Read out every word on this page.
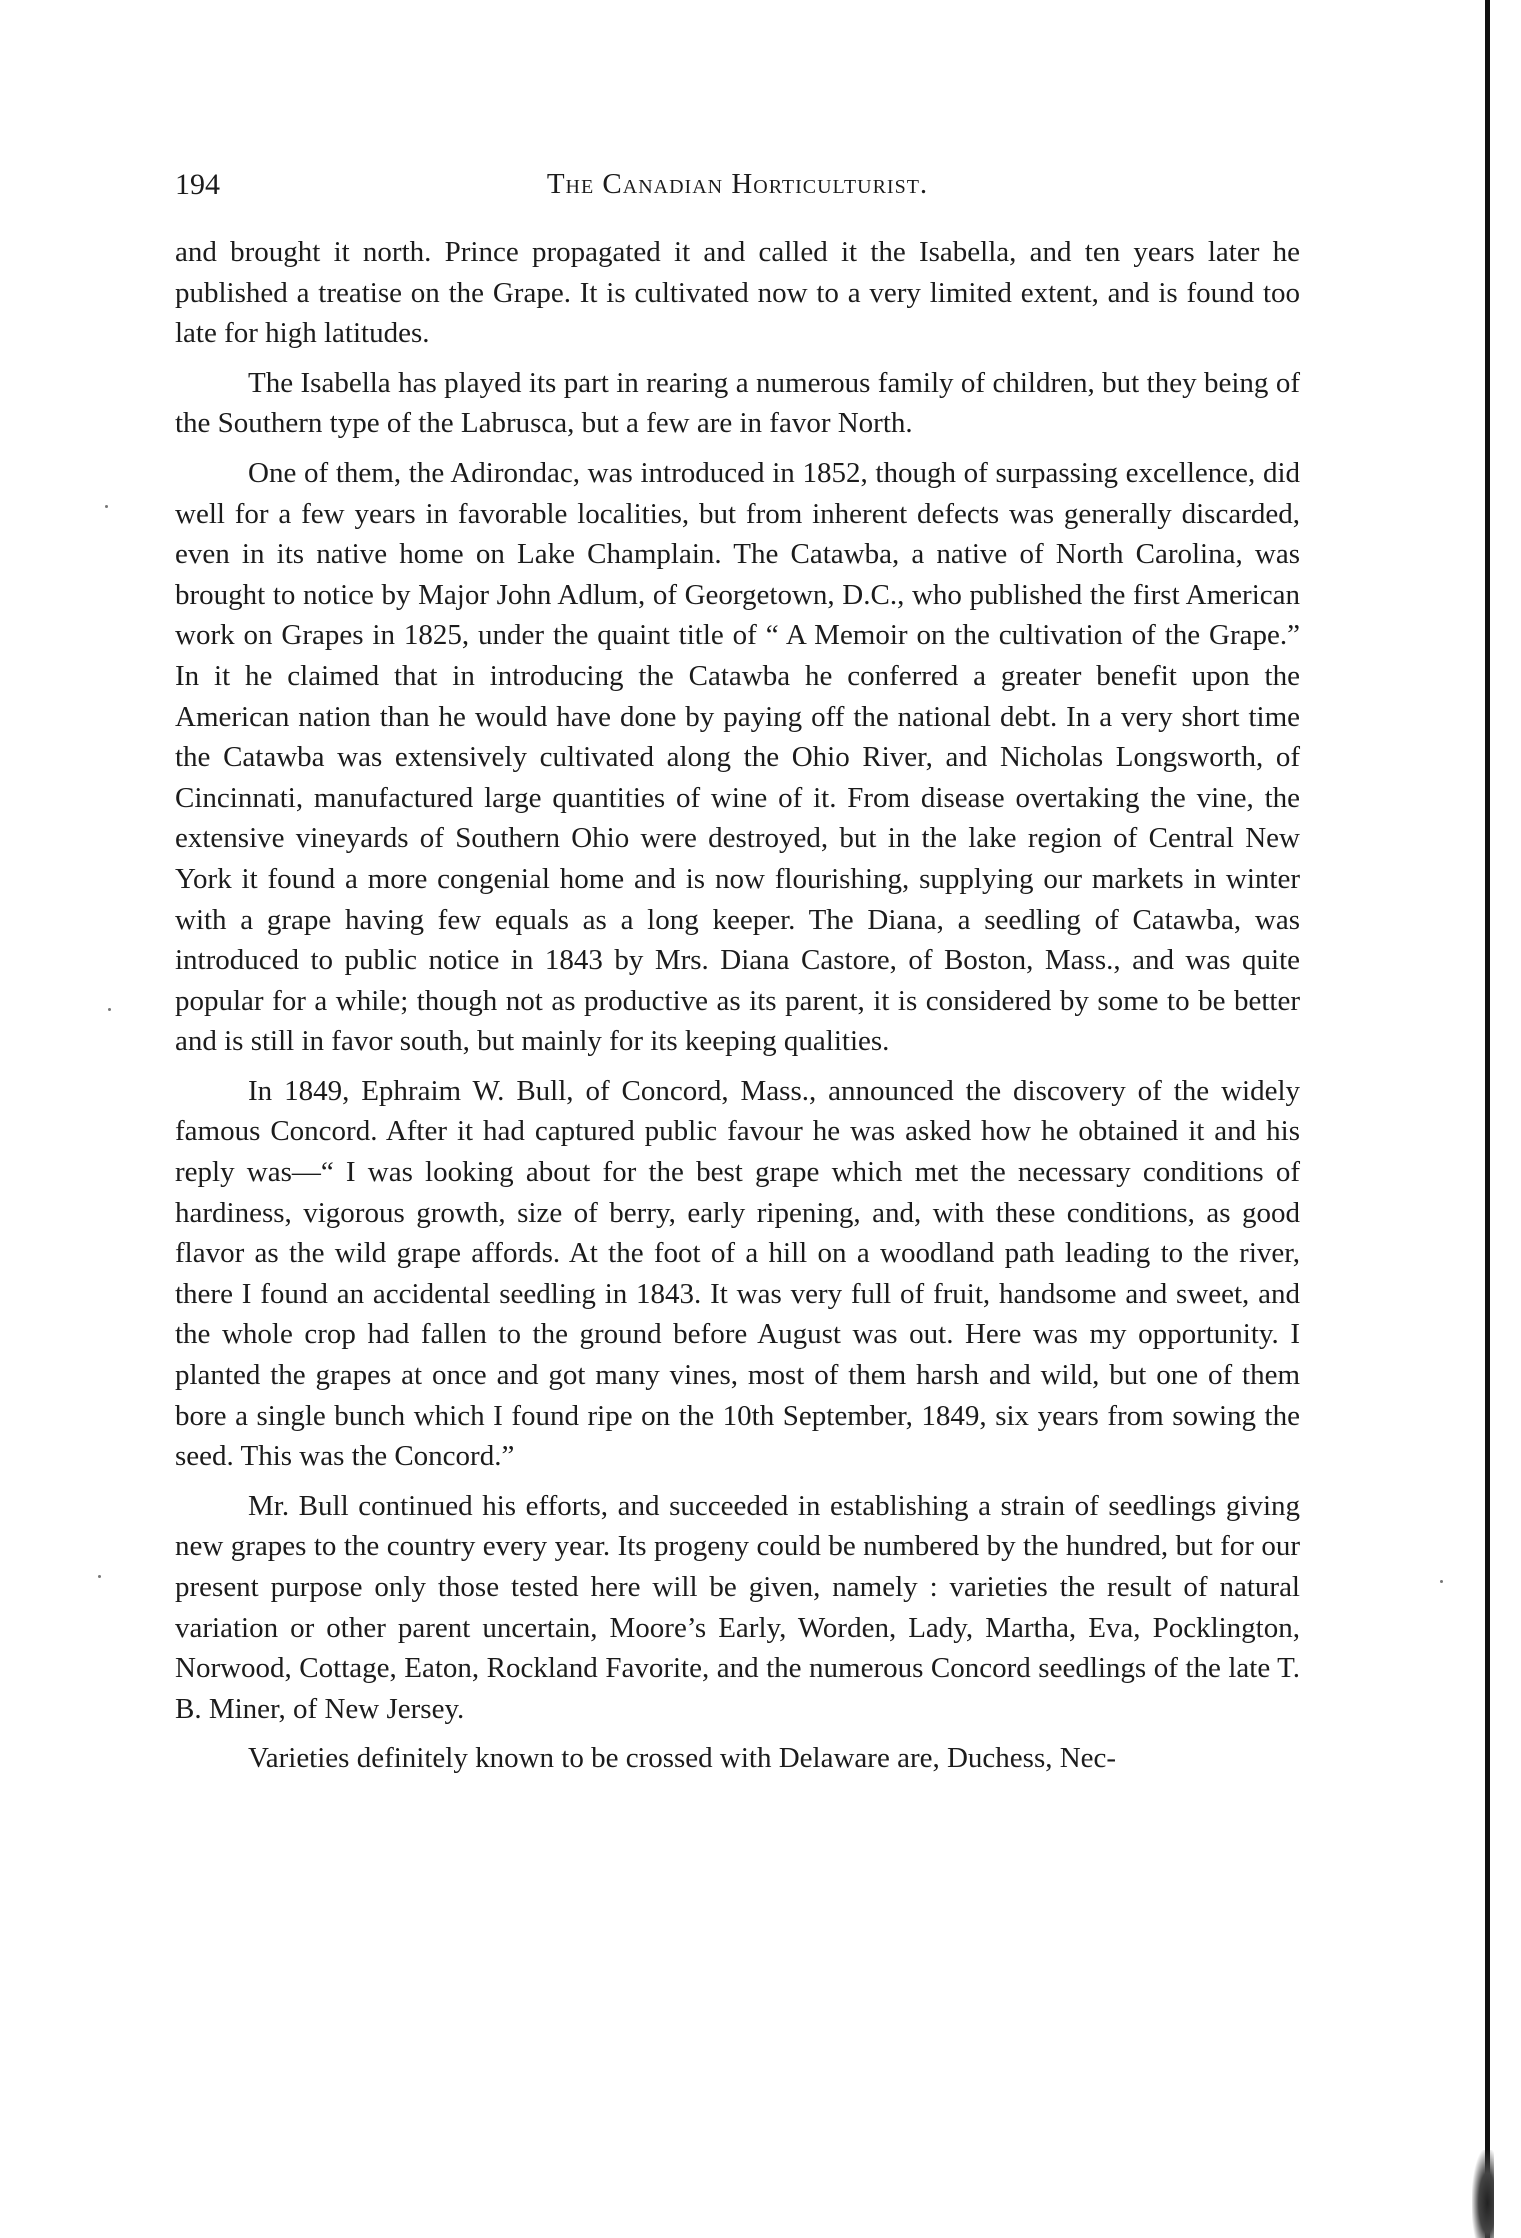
194	The Canadian Horticulturist.

and brought it north. Prince propagated it and called it the Isabella, and ten years later he published a treatise on the Grape. It is cultivated now to a very limited extent, and is found too late for high latitudes.

The Isabella has played its part in rearing a numerous family of children, but they being of the Southern type of the Labrusca, but a few are in favor North.

One of them, the Adirondac, was introduced in 1852, though of surpassing excellence, did well for a few years in favorable localities, but from inherent defects was generally discarded, even in its native home on Lake Champlain. The Catawba, a native of North Carolina, was brought to notice by Major John Adlum, of Georgetown, D.C., who published the first American work on Grapes in 1825, under the quaint title of “ A Memoir on the cultivation of the Grape.” In it he claimed that in introducing the Catawba he conferred a greater benefit upon the American nation than he would have done by paying off the national debt. In a very short time the Catawba was extensively cultivated along the Ohio River, and Nicholas Longsworth, of Cincinnati, manufactured large quantities of wine of it. From disease overtaking the vine, the extensive vineyards of Southern Ohio were destroyed, but in the lake region of Central New York it found a more congenial home and is now flourishing, supplying our markets in winter with a grape having few equals as a long keeper. The Diana, a seedling of Catawba, was introduced to public notice in 1843 by Mrs. Diana Castore, of Boston, Mass., and was quite popular for a while; though not as productive as its parent, it is considered by some to be better and is still in favor south, but mainly for its keeping qualities.

In 1849, Ephraim W. Bull, of Concord, Mass., announced the discovery of the widely famous Concord. After it had captured public favour he was asked how he obtained it and his reply was—“ I was looking about for the best grape which met the necessary conditions of hardiness, vigorous growth, size of berry, early ripening, and, with these conditions, as good flavor as the wild grape affords. At the foot of a hill on a woodland path leading to the river, there I found an accidental seedling in 1843. It was very full of fruit, handsome and sweet, and the whole crop had fallen to the ground before August was out. Here was my opportunity. I planted the grapes at once and got many vines, most of them harsh and wild, but one of them bore a single bunch which I found ripe on the 10th September, 1849, six years from sowing the seed. This was the Concord.”

Mr. Bull continued his efforts, and succeeded in establishing a strain of seedlings giving new grapes to the country every year. Its progeny could be numbered by the hundred, but for our present purpose only those tested here will be given, namely : varieties the result of natural variation or other parent uncertain, Moore’s Early, Worden, Lady, Martha, Eva, Pocklington, Norwood, Cottage, Eaton, Rockland Favorite, and the numerous Concord seedlings of the late T. B. Miner, of New Jersey.

Varieties definitely known to be crossed with Delaware are, Duchess, Nec-
